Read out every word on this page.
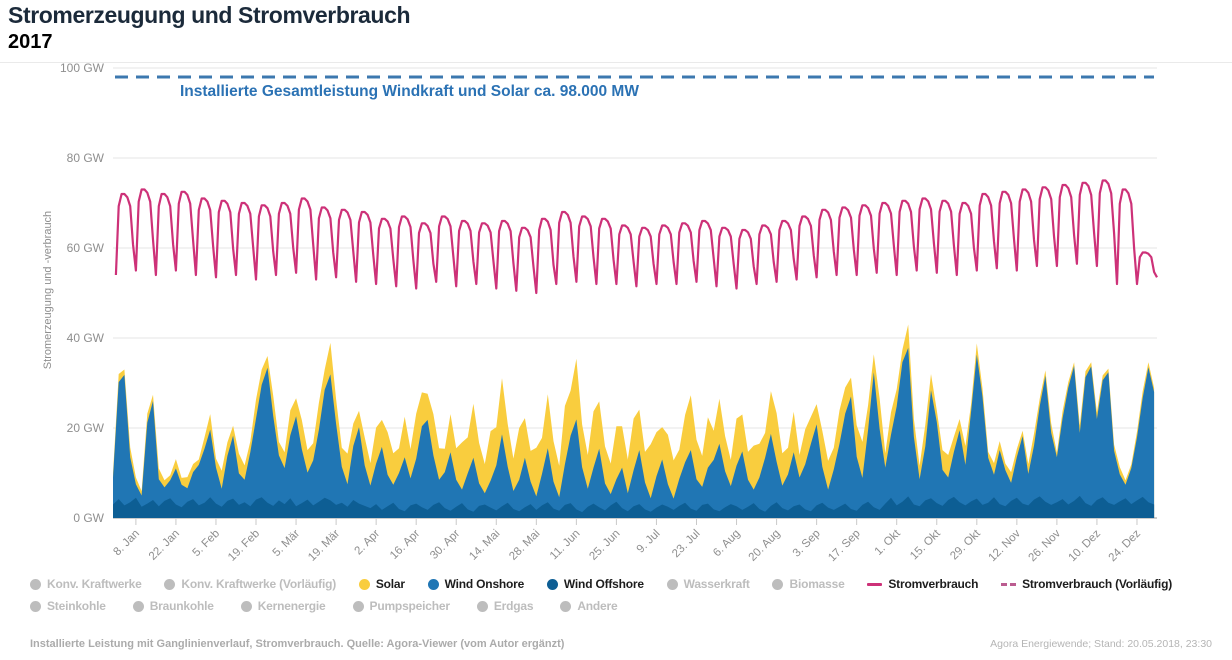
Stromerzeugung und Stromverbrauch
2017
Stromerzeugung und -verbrauch
0 GW
20 GW
40 GW
60 GW
80 GW
100 GW
8. Jan 22. Jan 5. Feb 19. Feb 5. Mär 19. Mär 2. Apr 16. Apr 30. Apr 14. Mai 28. Mai 11. Jun 25. Jun 9. Jul 23. Jul 6. Aug 20. Aug 3. Sep 17. Sep 1. Okt 15. Okt 29. Okt 12. Nov 26. Nov 10. Dez 24. Dez
Installierte Gesamtleistung Windkraft und Solar ca. 98.000 MW
Konv. Kraftwerke	Konv. Kraftwerke (Vorläufig)	Solar	Wind Onshore	Wind Offshore	Wasserkraft	Biomasse	Stromverbrauch	Stromverbrauch (Vorläufig)
Steinkohle	Braunkohle	Kernenergie	Pumpspeicher	Erdgas	Andere
Installierte Leistung mit Ganglinienverlauf, Stromverbrauch. Quelle: Agora-Viewer (vom Autor ergänzt)	Agora Energiewende; Stand: 20.05.2018, 23:30
